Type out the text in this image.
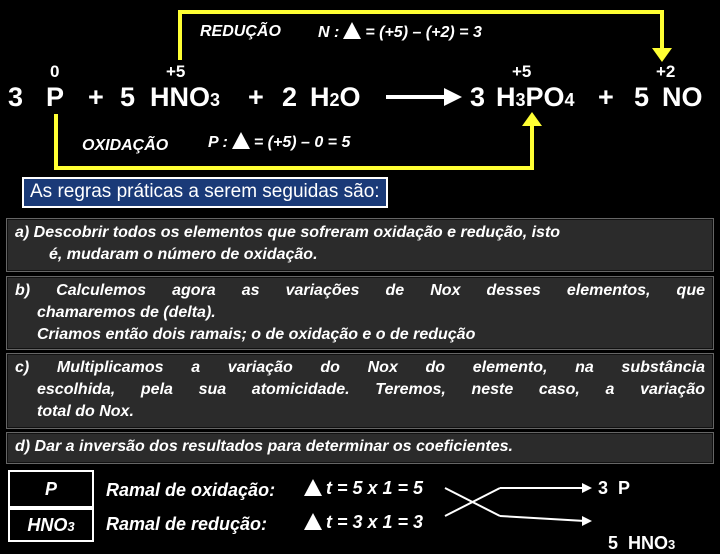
REDUÇÃO N : = (+5) – (+2) = 3
0	+5	+5	+2
3 P + 5 HNO3 + 2 H2O	3 H3PO4 + 5 NO
OXIDAÇÃO P : = (+5) – 0 = 5
As regras práticas a serem seguidas são:
a) Descobrir todos os elementos que sofreram oxidação e redução, isto
é, mudaram o número de oxidação.
b) Calculemos agora as variações de Nox desses elementos, que
chamaremos de (delta).
Criamos então dois ramais; o de oxidação e o de redução
c) Multiplicamos a variação do Nox do elemento, na substância
escolhida, pela sua atomicidade. Teremos, neste caso, a variação
total do Nox.
d) Dar a inversão dos resultados para determinar os coeficientes.
P
HNO3
Ramal de oxidação:	t = 5 x 1 = 5
Ramal de redução:	t = 3 x 1 = 3
3  P

5  HNO3
